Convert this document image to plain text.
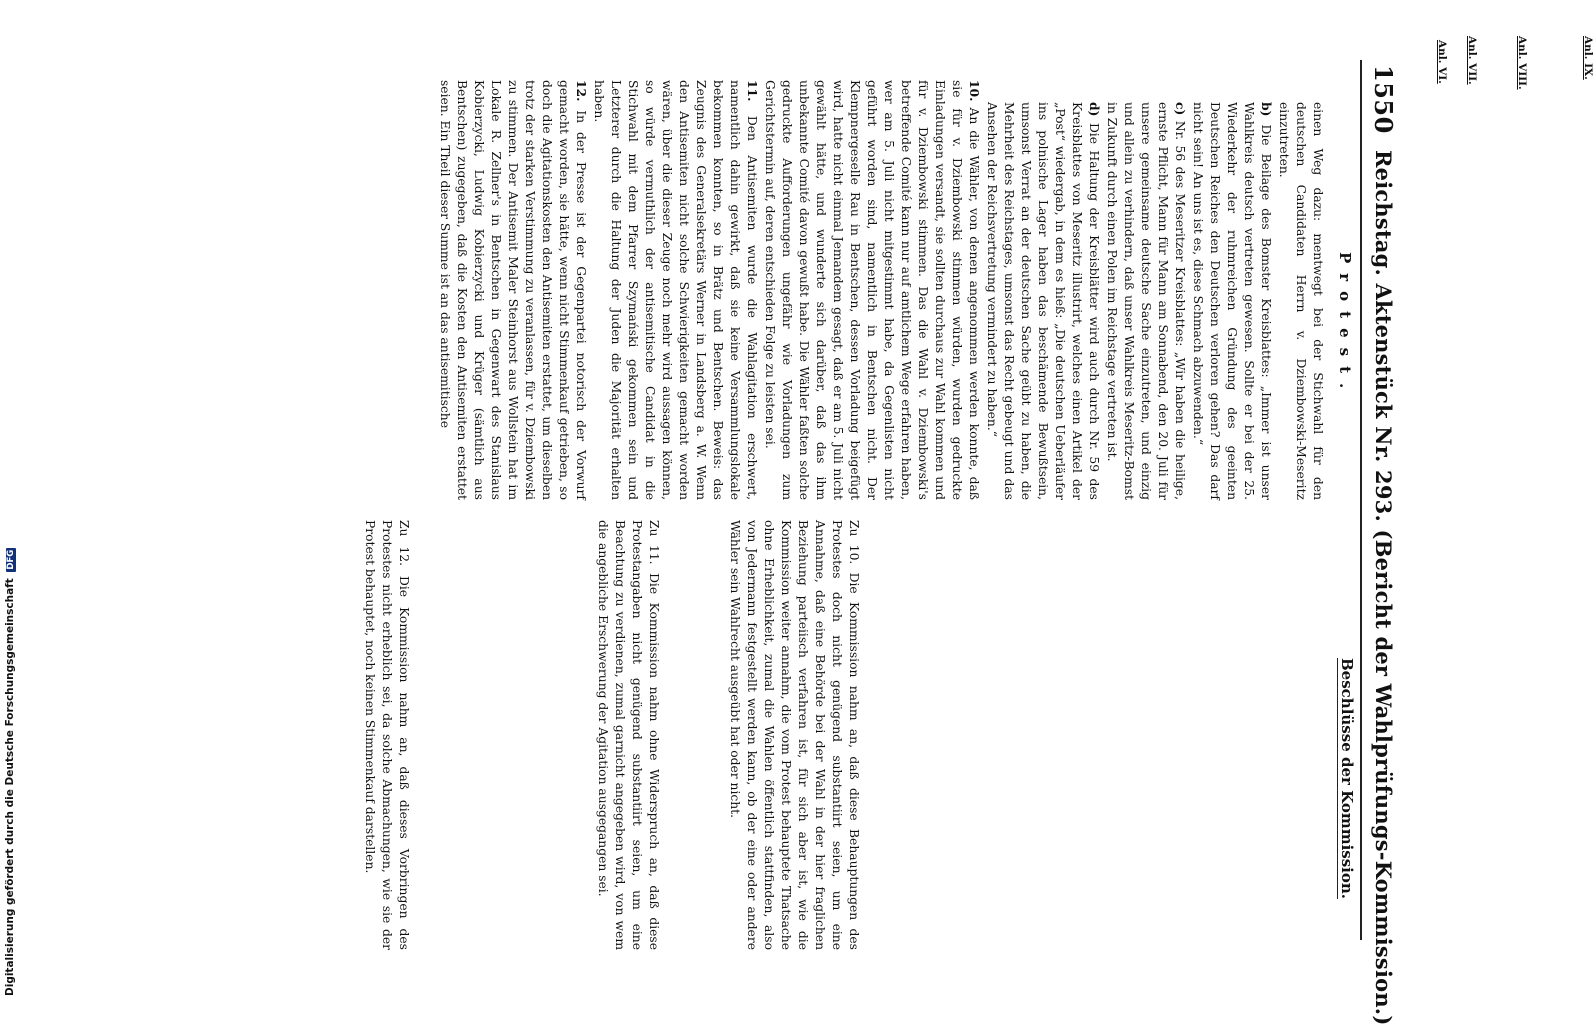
1550
Reichstag. Aktenstück Nr. 293. (Bericht der Wahlprüfungs-Kommission.)
Protest.
Beschlüsse der Kommission.
Anl. VI. Anl. VII.	Anl. VIII.	Anl. IX.

einen Weg dazu: mentwegt bei der Stichwahl für den deutschen Candidaten Herrn v. Dziembowski-Meseritz einzutreten.

b) Die Beilage des Bomster Kreisblattes: „Immer ist unser Wahlkreis deutsch vertreten gewesen. Sollte er bei der 25. Wiederkehr der ruhmreichen Gründung des geeinten Deutschen Reiches den Deutschen verloren gehen? Das darf nicht sein! An uns ist es, diese Schmach abzuwenden.“

c) Nr. 56 des Meseritzer Kreisblattes: „Wir haben die heilige, ernste Pflicht, Mann für Mann am Sonnabend, den 20. Juli für unsere gemeinsame deutsche Sache einzutreten, und einzig und allein zu verhindern, daß unser Wahlkreis Meseritz-Bomst in Zukunft durch einen Polen im Reichstage vertreten ist.

d) Die Haltung der Kreisblätter wird auch durch Nr. 59 des Kreisblattes von Meseritz illustrirt, welches einen Artikel der „Post“ wiedergab, in dem es hieß: „Die deutschen Ueberläufer ins polnische Lager haben das beschämende Bewußtsein, umsonst Verrat an der deutschen Sache geübt zu haben, die Mehrheit des Reichstages, umsonst das Recht gebeugt und das Ansehen der Reichsvertretung vermindert zu haben.“

10. An die Wähler, von denen angenommen werden konnte, daß sie für v. Dziembowski stimmen würden, wurden gedruckte Einladungen versandt, sie sollten durchaus zur Wahl kommen und für v. Dziembowski stimmen. Das die Wahl v. Dziembowski's betreffende Comité kann nur auf amtlichem Wege erfahren haben, wer am 5. Juli nicht mitgestimmt habe, da Gegenlisten nicht geführt worden sind, namentlich in Bentschen nicht. Der Klempnergeselle Rau in Bentschen, dessen Vorladung beigefügt wird, hatte nicht einmal Jemandem gesagt, daß er am 5. Juli nicht gewählt hätte, und wunderte sich darüber, daß das ihm unbekannte Comité davon gewußt habe. Die Wähler faßten solche gedruckte Aufforderungen ungefähr wie Vorladungen zum Gerichtstermin auf, deren entschieden Folge zu leisten sei.

11. Den Antisemiten wurde die Wahlagitation erschwert, namentlich dahin gewirkt, daß sie keine Versammlungslokale bekommen konnten, so in Brätz und Bentschen. Beweis: das Zeugnis des Generalsekretärs Werner in Landsberg a. W. Wenn den Antisemiten nicht solche Schwierigkeiten gemacht worden wären, über die dieser Zeuge noch mehr wird aussagen können, so würde vermuthlich der antisemitische Candidat in die Stichwahl mit dem Pfarrer Szymański gekommen sein und Letzterer durch die Haltung der Juden die Majorität erhalten haben.

12. In der Presse ist der Gegenpartei notorisch der Vorwurf gemacht worden, sie hätte, wenn nicht Stimmenkauf getrieben, so doch die Agitationskosten den Antisemiten erstattet, um dieselben trotz der starken Verstimmung zu veranlassen, für v. Dziembowski zu stimmen. Der Antisemit Maler Steinhorst aus Wollstein hat im Lokale R. Zellner's in Bentschen in Gegenwart des Stanislaus Kobierzycki, Ludwig Kobierzycki und Krüger (sämtlich aus Bentschen) zugegeben, daß die Kosten den Antisemiten erstattet seien. Ein Theil dieser Summe ist an das antisemitische

Zu 10. Die Kommission nahm an, daß diese Behauptungen des Protestes doch nicht genügend substantiirt seien, um eine Annahme, daß eine Behörde bei der Wahl in der hier fraglichen Beziehung parteiisch verfahren ist, für sich aber ist, wie die Kommission weiter annahm, die vom Protest behauptete Thatsache ohne Erheblichkeit, zumal die Wahlen öffentlich stattfinden, also von Jedermann festgestellt werden kann, ob der eine oder andere Wähler sein Wahlrecht ausgeübt hat oder nicht.

Zu 11. Die Kommission nahm ohne Widerspruch an, daß diese Protestangaben nicht genügend substantiirt seien, um eine Beachtung zu verdienen, zumal garnicht angegeben wird, von wem die angebliche Erschwerung der Agitation ausgegangen sei.

Zu 12. Die Kommission nahm an, daß dieses Vorbringen des Protestes nicht erheblich sei, da solche Abmachungen, wie sie der Protest behauptet, noch keinen Stimmenkauf darstellen.

Digitalisierung gefördert durch die Deutsche Forschungsgemeinschaft DFG
